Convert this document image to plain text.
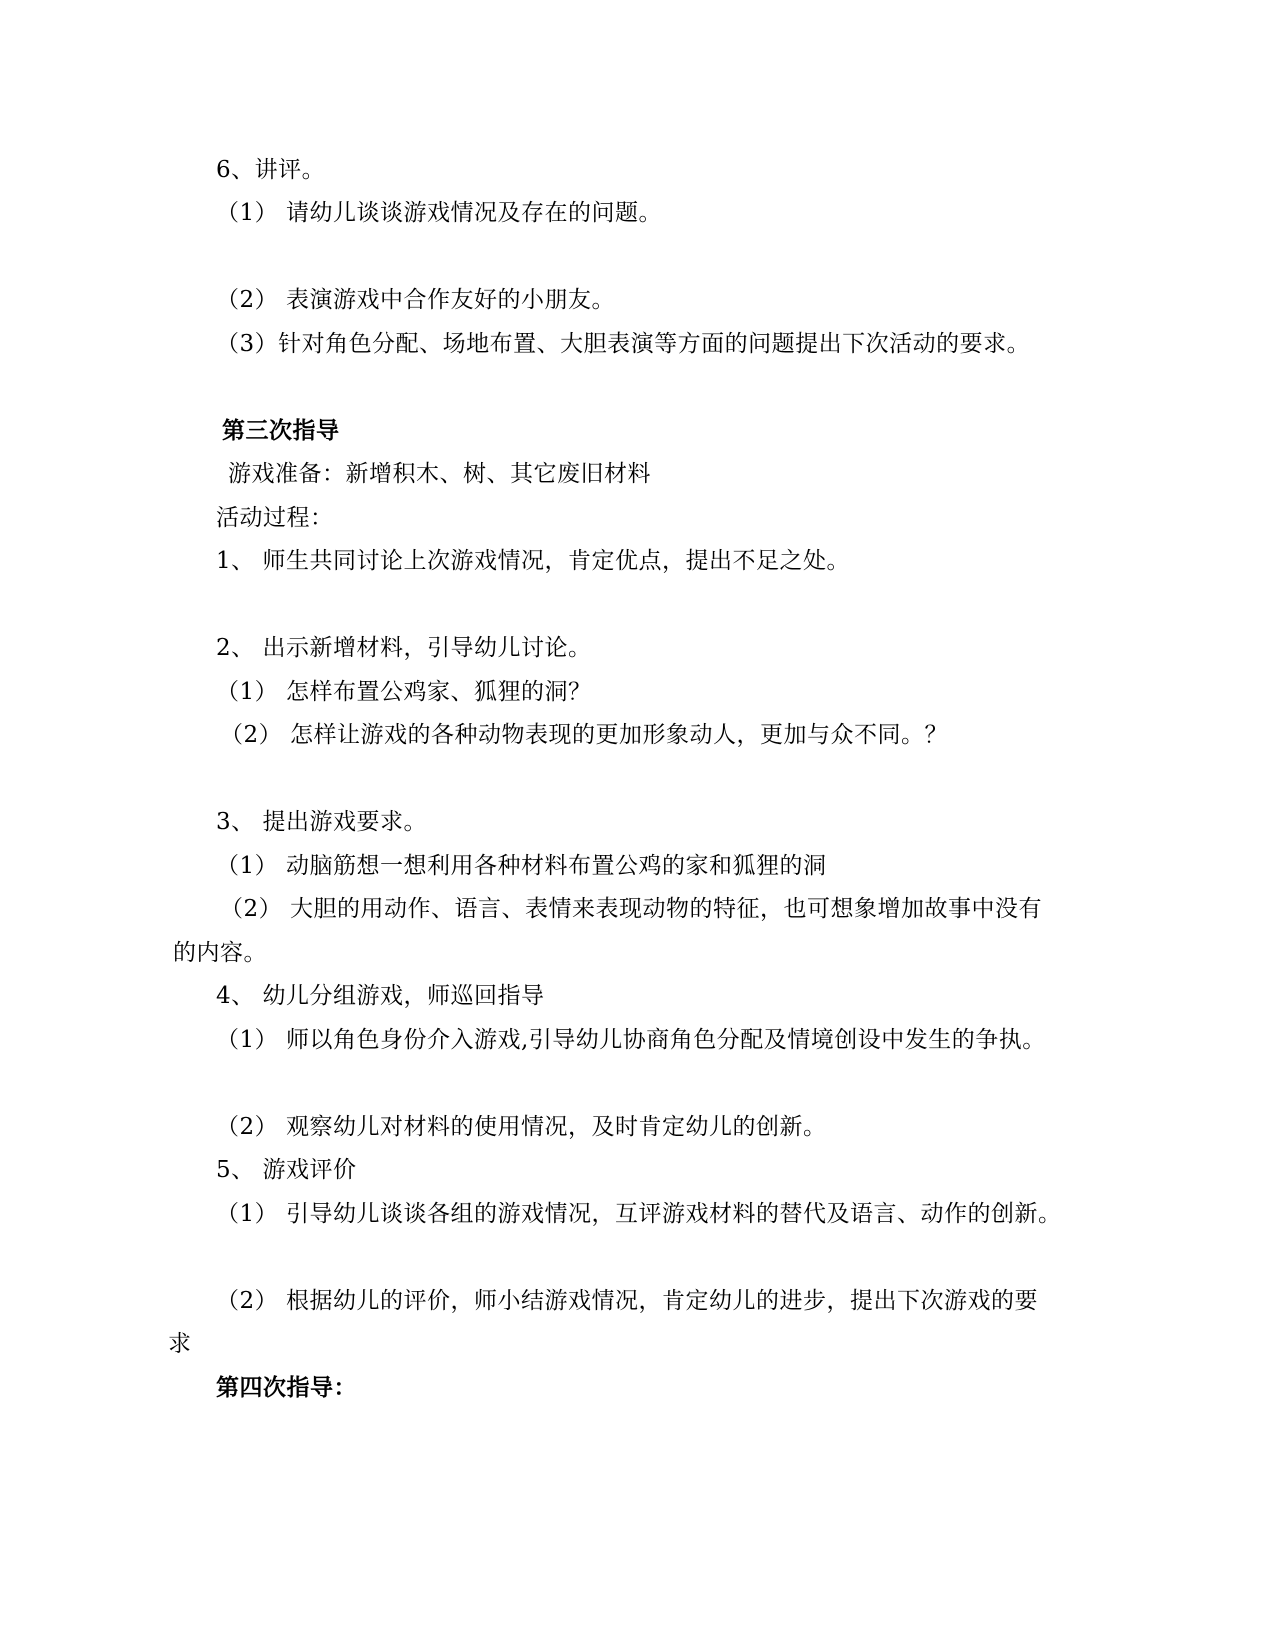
6、讲评。
（1） 请幼儿谈谈游戏情况及存在的问题。
（2） 表演游戏中合作友好的小朋友。
（3）针对角色分配、场地布置、大胆表演等方面的问题提出下次活动的要求。
第三次指导
游戏准备：新增积木、树、其它废旧材料
活动过程：
1、 师生共同讨论上次游戏情况，肯定优点，提出不足之处。
2、 出示新增材料，引导幼儿讨论。
（1） 怎样布置公鸡家、狐狸的洞？
（2） 怎样让游戏的各种动物表现的更加形象动人，更加与众不同。？
3、 提出游戏要求。
（1） 动脑筋想一想利用各种材料布置公鸡的家和狐狸的洞
（2） 大胆的用动作、语言、表情来表现动物的特征，也可想象增加故事中没有
的内容。
4、 幼儿分组游戏，师巡回指导
（1） 师以角色身份介入游戏,引导幼儿协商角色分配及情境创设中发生的争执。
（2） 观察幼儿对材料的使用情况，及时肯定幼儿的创新。
5、 游戏评价
（1） 引导幼儿谈谈各组的游戏情况，互评游戏材料的替代及语言、动作的创新。
（2） 根据幼儿的评价，师小结游戏情况，肯定幼儿的进步，提出下次游戏的要
求
第四次指导：
